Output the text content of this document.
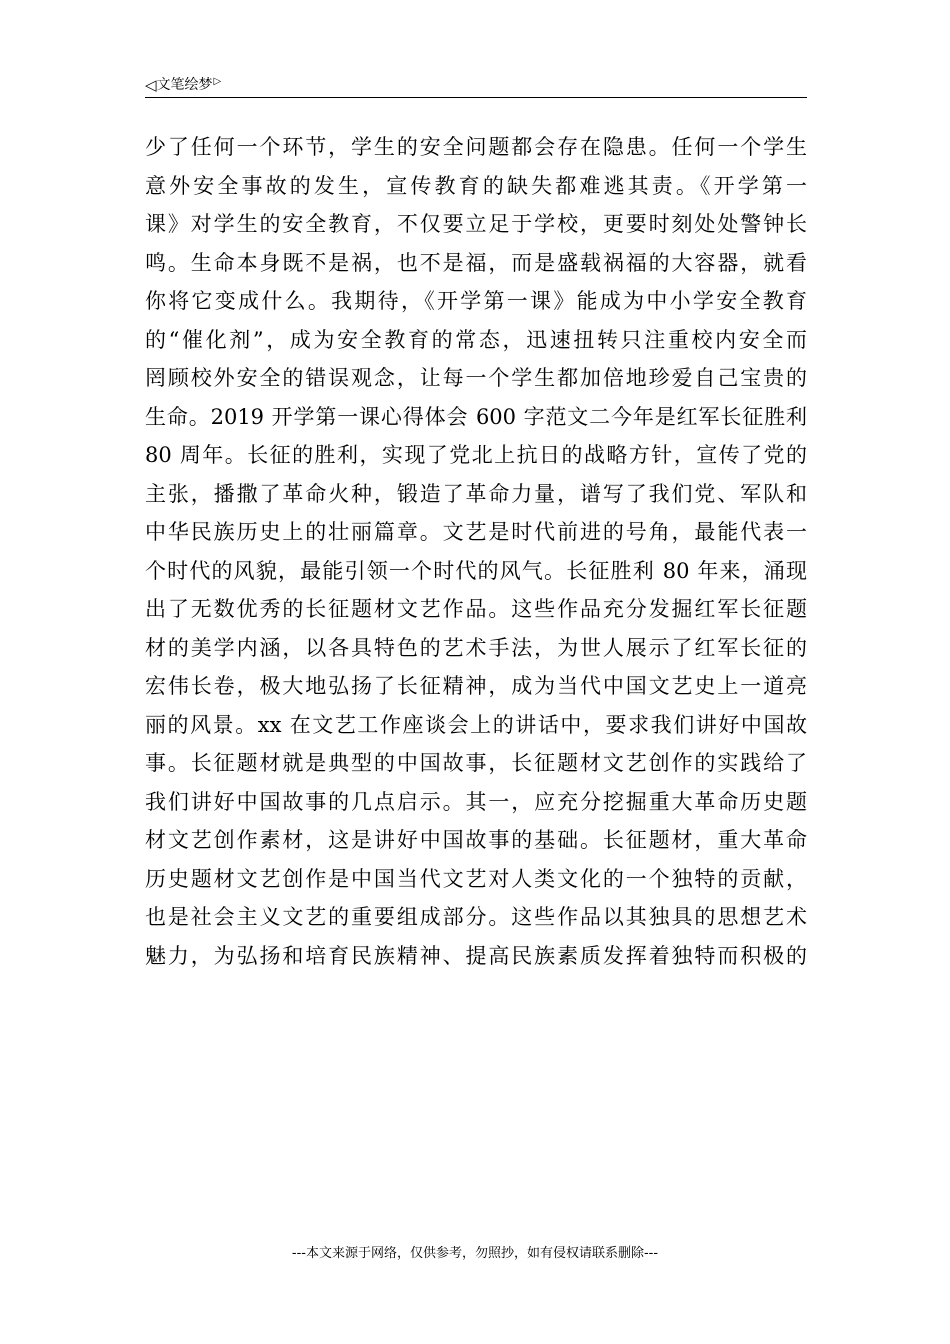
◁ 文笔绘梦 ▷
少了任何一个环节，学生的安全问题都会存在隐患。任何一个学生
意外安全事故的发生，宣传教育的缺失都难逃其责。《开学第一
课》对学生的安全教育，不仅要立足于学校，更要时刻处处警钟长
鸣。生命本身既不是祸，也不是福，而是盛载祸福的大容器，就看
你将它变成什么。我期待，《开学第一课》能成为中小学安全教育
的“催化剂”，成为安全教育的常态，迅速扭转只注重校内安全而
罔顾校外安全的错误观念，让每一个学生都加倍地珍爱自己宝贵的
生命。2019 开学第一课心得体会 600 字范文二今年是红军长征胜利
80 周年。长征的胜利，实现了党北上抗日的战略方针，宣传了党的
主张，播撒了革命火种，锻造了革命力量，谱写了我们党、军队和
中华民族历史上的壮丽篇章。文艺是时代前进的号角，最能代表一
个时代的风貌，最能引领一个时代的风气。长征胜利 80 年来，涌现
出了无数优秀的长征题材文艺作品。这些作品充分发掘红军长征题
材的美学内涵，以各具特色的艺术手法，为世人展示了红军长征的
宏伟长卷，极大地弘扬了长征精神，成为当代中国文艺史上一道亮
丽的风景。xx 在文艺工作座谈会上的讲话中，要求我们讲好中国故
事。长征题材就是典型的中国故事，长征题材文艺创作的实践给了
我们讲好中国故事的几点启示。其一，应充分挖掘重大革命历史题
材文艺创作素材，这是讲好中国故事的基础。长征题材，重大革命
历史题材文艺创作是中国当代文艺对人类文化的一个独特的贡献，
也是社会主义文艺的重要组成部分。这些作品以其独具的思想艺术
魅力，为弘扬和培育民族精神、提高民族素质发挥着独特而积极的
---本文来源于网络，仅供参考，勿照抄，如有侵权请联系删除---
